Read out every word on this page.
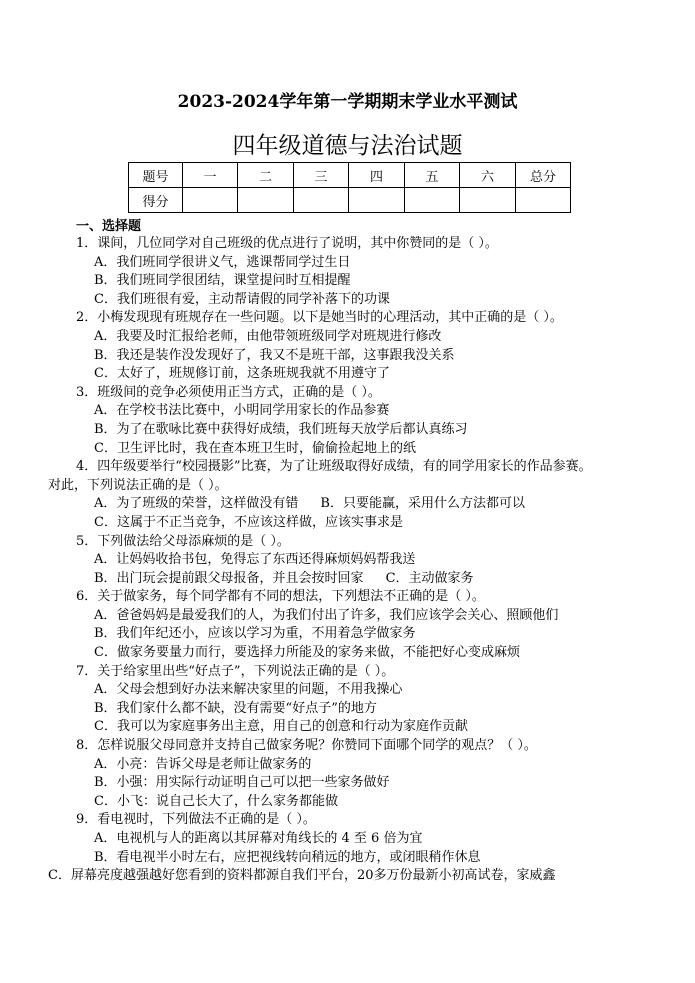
2023-2024学年第一学期期末学业水平测试
四年级道德与法治试题
题号	一	二	三	四	五	六	总分
得分							
一、选择题
1．课间，几位同学对自己班级的优点进行了说明，其中你赞同的是（ ）。
A．我们班同学很讲义气，逃课帮同学过生日
B．我们班同学很团结，课堂提问时互相提醒
C．我们班很有爱，主动帮请假的同学补落下的功课
2．小梅发现现有班规存在一些问题。以下是她当时的心理活动，其中正确的是（ ）。
A．我要及时汇报给老师，由他带领班级同学对班规进行修改
B．我还是装作没发现好了，我又不是班干部，这事跟我没关系
C．太好了，班规修订前，这条班规我就不用遵守了
3．班级间的竞争必须使用正当方式，正确的是（ ）。
A．在学校书法比赛中，小明同学用家长的作品参赛
B．为了在歌咏比赛中获得好成绩，我们班每天放学后都认真练习
C．卫生评比时，我在查本班卫生时，偷偷捡起地上的纸
4．四年级要举行“校园摄影”比赛，为了让班级取得好成绩，有的同学用家长的作品参赛。
对此，下列说法正确的是（ ）。
A．为了班级的荣誉，这样做没有错 B．只要能赢，采用什么方法都可以
C．这属于不正当竞争，不应该这样做，应该实事求是
5．下列做法给父母添麻烦的是（ ）。
A．让妈妈收拾书包，免得忘了东西还得麻烦妈妈帮我送
B．出门玩会提前跟父母报备，并且会按时回家 C．主动做家务
6．关于做家务，每个同学都有不同的想法，下列想法不正确的是（ ）。
A．爸爸妈妈是最爱我们的人，为我们付出了许多，我们应该学会关心、照顾他们
B．我们年纪还小，应该以学习为重，不用着急学做家务
C．做家务要量力而行，要选择力所能及的家务来做，不能把好心变成麻烦
7．关于给家里出些“好点子”，下列说法正确的是（ ）。
A．父母会想到好办法来解决家里的问题，不用我操心
B．我们家什么都不缺，没有需要“好点子”的地方
C．我可以为家庭事务出主意，用自己的创意和行动为家庭作贡献
8．怎样说服父母同意并支持自己做家务呢？你赞同下面哪个同学的观点？（ ）。
A．小亮：告诉父母是老师让做家务的
B．小强：用实际行动证明自己可以把一些家务做好
C．小飞：说自己长大了，什么家务都能做
9．看电视时，下列做法不正确的是（ ）。
A．电视机与人的距离以其屏幕对角线长的 4 至 6 倍为宜
B．看电视半小时左右，应把视线转向稍远的地方，或闭眼稍作休息
C．屏幕亮度越强越好您看到的资料都源自我们平台，20多万份最新小初高试卷，家威鑫
